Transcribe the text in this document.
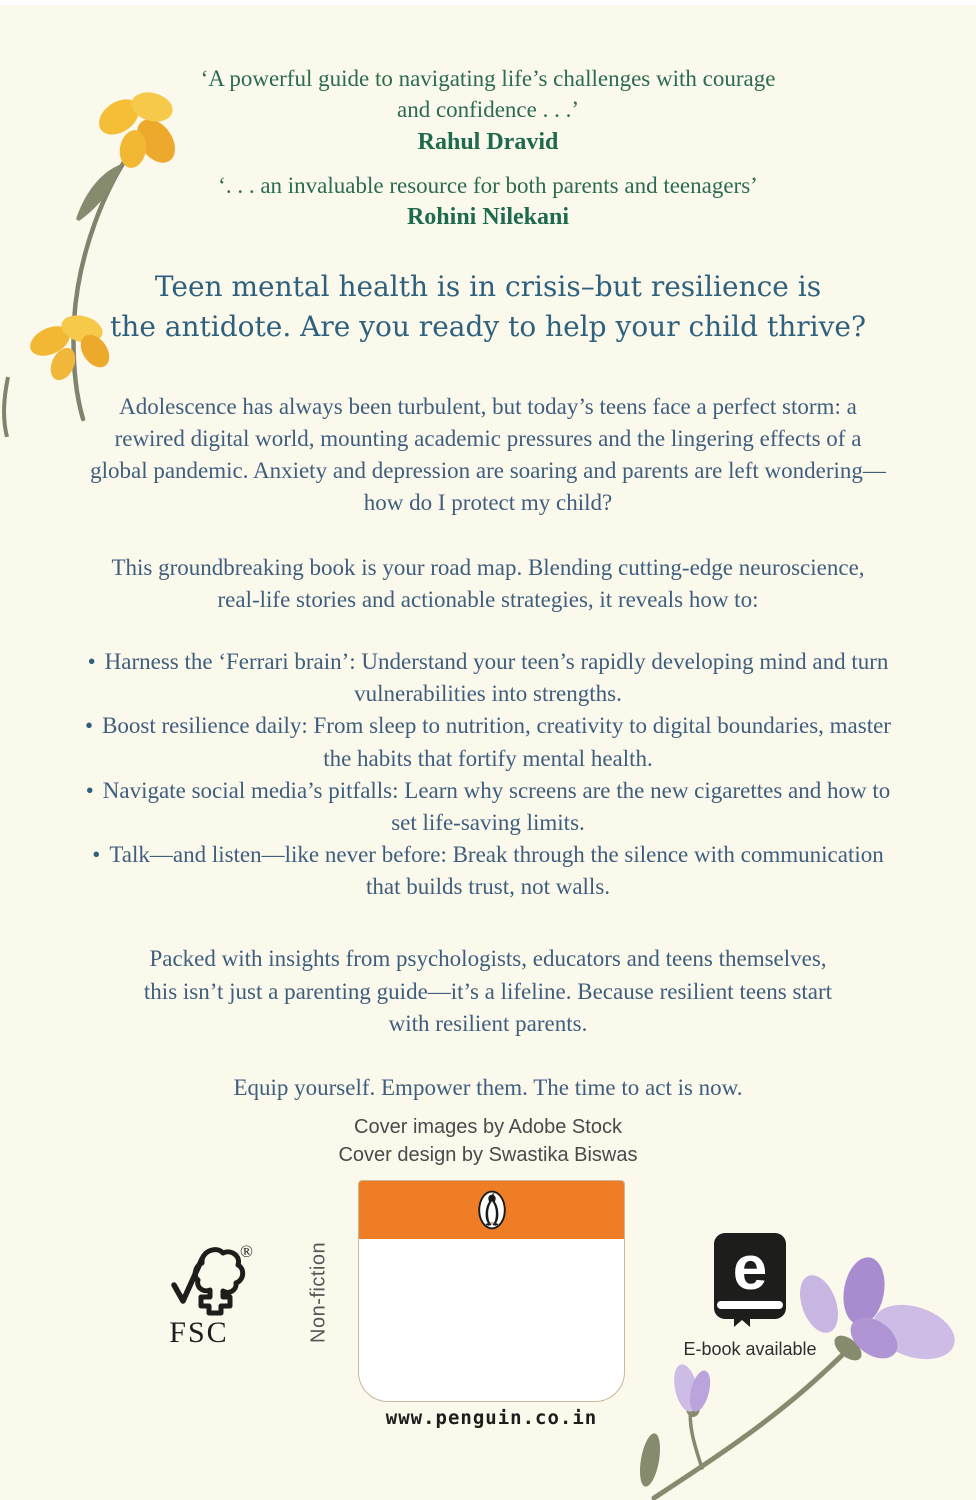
‘A powerful guide to navigating life’s challenges with courage and confidence . . .’
Rahul Dravid
‘. . . an invaluable resource for both parents and teenagers’
Rohini Nilekani
Teen mental health is in crisis–but resilience is
the antidote. Are you ready to help your child thrive?

Adolescence has always been turbulent, but today’s teens face a perfect storm: a rewired digital world, mounting academic pressures and the lingering effects of a global pandemic. Anxiety and depression are soaring and parents are left wondering—how do I protect my child?

This groundbreaking book is your road map. Blending cutting-edge neuroscience, real-life stories and actionable strategies, it reveals how to:

• Harness the ‘Ferrari brain’: Understand your teen’s rapidly developing mind and turn vulnerabilities into strengths.

• Boost resilience daily: From sleep to nutrition, creativity to digital boundaries, master the habits that fortify mental health.

• Navigate social media’s pitfalls: Learn why screens are the new cigarettes and how to set life-saving limits.

• Talk—and listen—like never before: Break through the silence with communication that builds trust, not walls.

Packed with insights from psychologists, educators and teens themselves, this isn’t just a parenting guide—it’s a lifeline. Because resilient teens start with resilient parents.

Equip yourself. Empower them. The time to act is now.

Cover images by Adobe Stock
Cover design by Swastika Biswas
®
FSC	Non-fiction
www.penguin.co.in
e
E-book available
